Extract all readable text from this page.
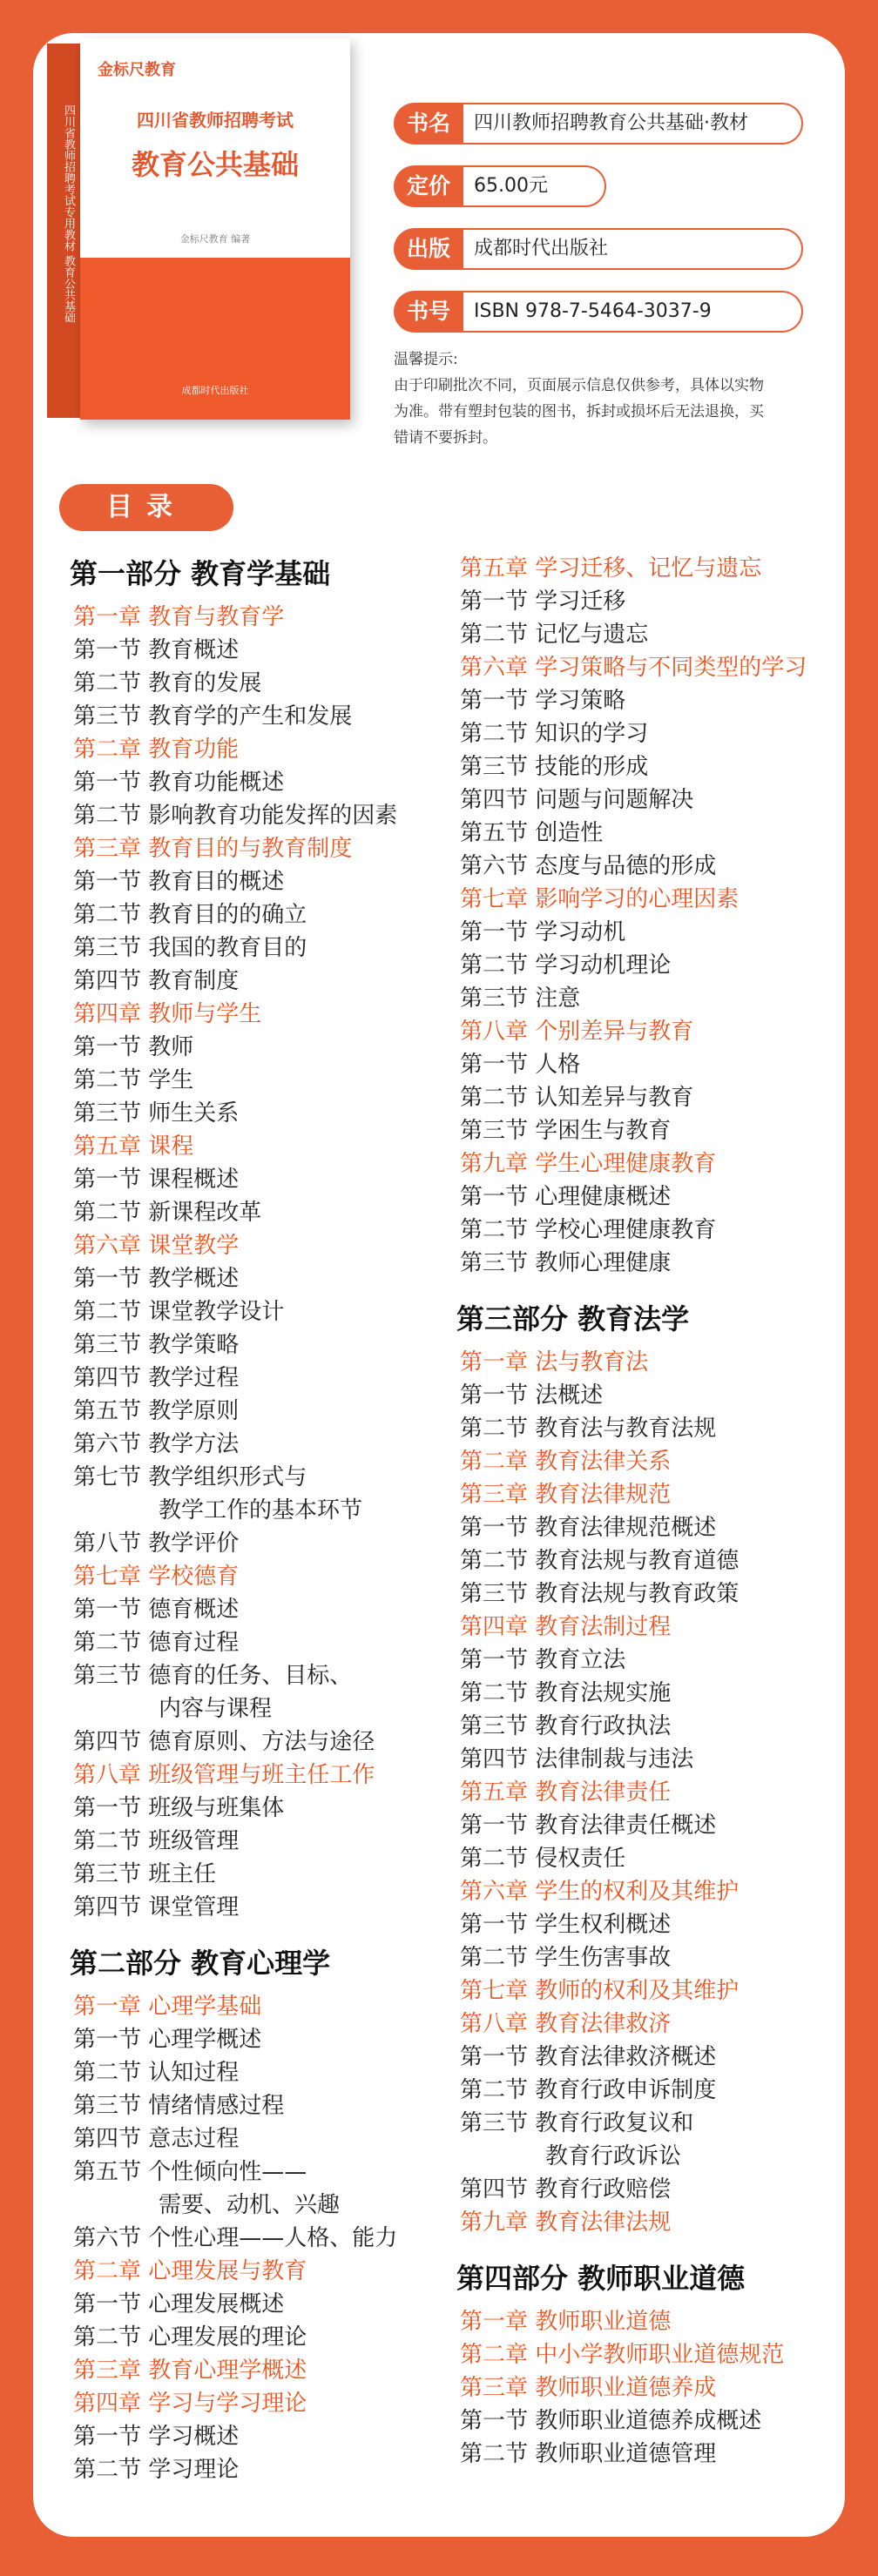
四川省教师招聘考试专用教材 教育公共基础
金标尺教育
四川省教师招聘考试
教育公共基础
金标尺教育 编著
成都时代出版社
书名	四川教师招聘教育公共基础·教材
定价	65.00元
出版	成都时代出版社
书号	ISBN 978-7-5464-3037-9
温馨提示:
由于印刷批次不同，页面展示信息仅供参考，具体以实物
为准。带有塑封包装的图书，拆封或损坏后无法退换，买
错请不要拆封。
目录
第一部分 教育学基础
第一章 教育与教育学
第一节 教育概述
第二节 教育的发展
第三节 教育学的产生和发展
第二章 教育功能
第一节 教育功能概述
第二节 影响教育功能发挥的因素
第三章 教育目的与教育制度
第一节 教育目的概述
第二节 教育目的的确立
第三节 我国的教育目的
第四节 教育制度
第四章 教师与学生
第一节 教师
第二节 学生
第三节 师生关系
第五章 课程
第一节 课程概述
第二节 新课程改革
第六章 课堂教学
第一节 教学概述
第二节 课堂教学设计
第三节 教学策略
第四节 教学过程
第五节 教学原则
第六节 教学方法
第七节 教学组织形式与
教学工作的基本环节
第八节 教学评价
第七章 学校德育
第一节 德育概述
第二节 德育过程
第三节 德育的任务、目标、
内容与课程
第四节 德育原则、方法与途径
第八章 班级管理与班主任工作
第一节 班级与班集体
第二节 班级管理
第三节 班主任
第四节 课堂管理
第二部分 教育心理学
第一章 心理学基础
第一节 心理学概述
第二节 认知过程
第三节 情绪情感过程
第四节 意志过程
第五节 个性倾向性——
需要、动机、兴趣
第六节 个性心理——人格、能力
第二章 心理发展与教育
第一节 心理发展概述
第二节 心理发展的理论
第三章 教育心理学概述
第四章 学习与学习理论
第一节 学习概述
第二节 学习理论
第五章 学习迁移、记忆与遗忘
第一节 学习迁移
第二节 记忆与遗忘
第六章 学习策略与不同类型的学习
第一节 学习策略
第二节 知识的学习
第三节 技能的形成
第四节 问题与问题解决
第五节 创造性
第六节 态度与品德的形成
第七章 影响学习的心理因素
第一节 学习动机
第二节 学习动机理论
第三节 注意
第八章 个别差异与教育
第一节 人格
第二节 认知差异与教育
第三节 学困生与教育
第九章 学生心理健康教育
第一节 心理健康概述
第二节 学校心理健康教育
第三节 教师心理健康
第三部分 教育法学
第一章 法与教育法
第一节 法概述
第二节 教育法与教育法规
第二章 教育法律关系
第三章 教育法律规范
第一节 教育法律规范概述
第二节 教育法规与教育道德
第三节 教育法规与教育政策
第四章 教育法制过程
第一节 教育立法
第二节 教育法规实施
第三节 教育行政执法
第四节 法律制裁与违法
第五章 教育法律责任
第一节 教育法律责任概述
第二节 侵权责任
第六章 学生的权利及其维护
第一节 学生权利概述
第二节 学生伤害事故
第七章 教师的权利及其维护
第八章 教育法律救济
第一节 教育法律救济概述
第二节 教育行政申诉制度
第三节 教育行政复议和
教育行政诉讼
第四节 教育行政赔偿
第九章 教育法律法规
第四部分 教师职业道德
第一章 教师职业道德
第二章 中小学教师职业道德规范
第三章 教师职业道德养成
第一节 教师职业道德养成概述
第二节 教师职业道德管理
